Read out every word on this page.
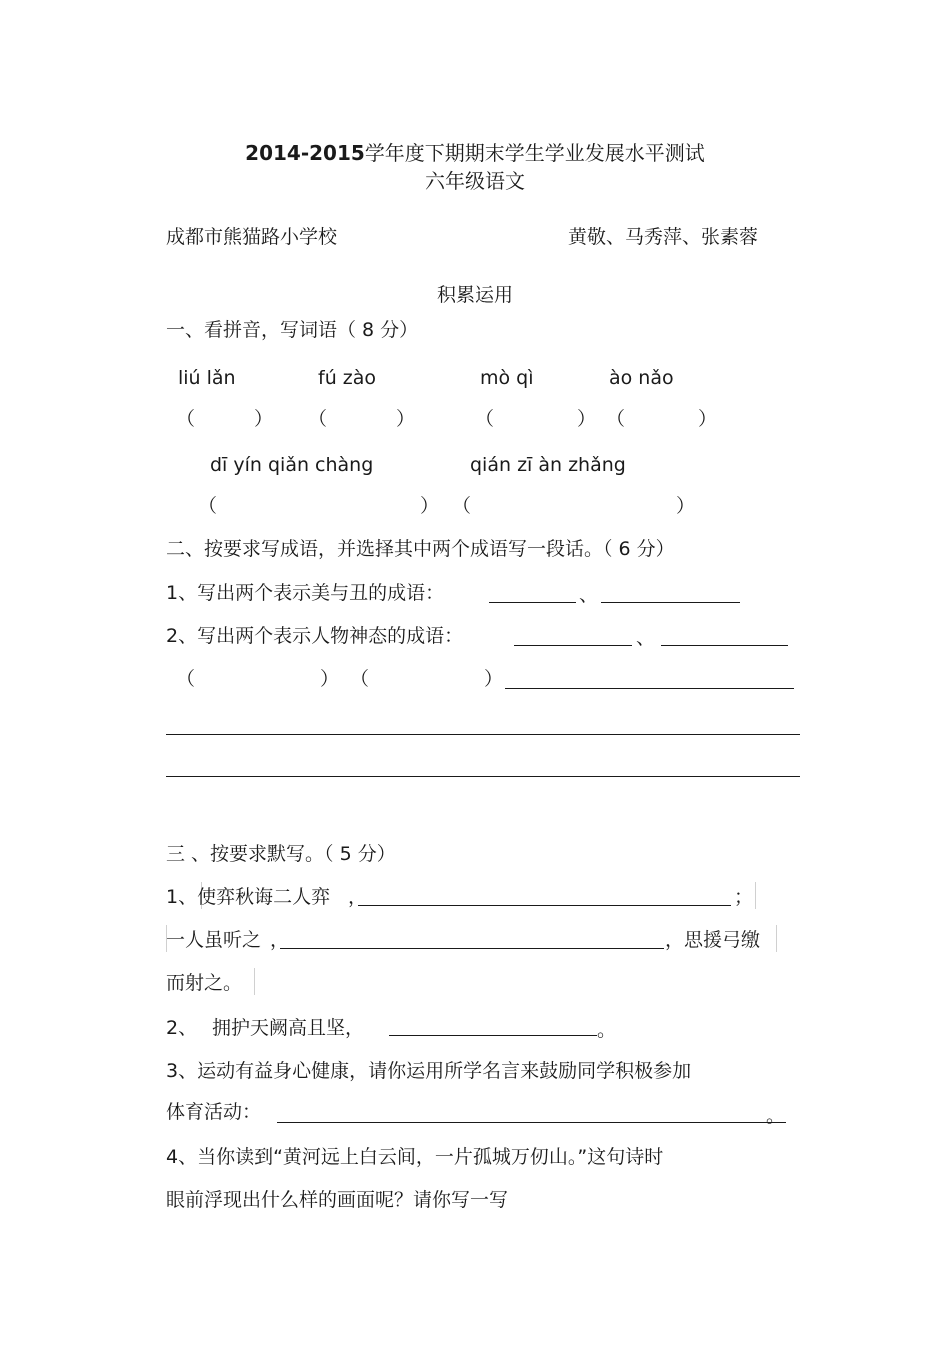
2014-2015学年度下期期末学生学业发展水平测试
六年级语文
成都市熊猫路小学校	黄敬、马秀萍、张素蓉
积累运用
一、看拼音，写词语（ 8 分）
liú lǎn	fú zào	mò qì	ào nǎo
（	） （	）	（	） （	）
dī yín qiǎn chàng	qián zī àn zhǎng
（	） （	）
二、按要求写成语，并选择其中两个成语写一段话。（ 6 分）
1、写出两个表示美与丑的成语：	、
2、写出两个表示人物神态的成语：	、
（	） （	）
三 、按要求默写。（ 5 分）
1、使弈秋诲二人弈 ，	；
一人虽听之 ，	，思援弓缴
而射之。
2、 拥护天阙高且坚，	。
3、运动有益身心健康，请你运用所学名言来鼓励同学积极参加
体育活动：	。
4、当你读到“黄河远上白云间，一片孤城万仞山。”这句诗时
眼前浮现出什么样的画面呢？请你写一写
